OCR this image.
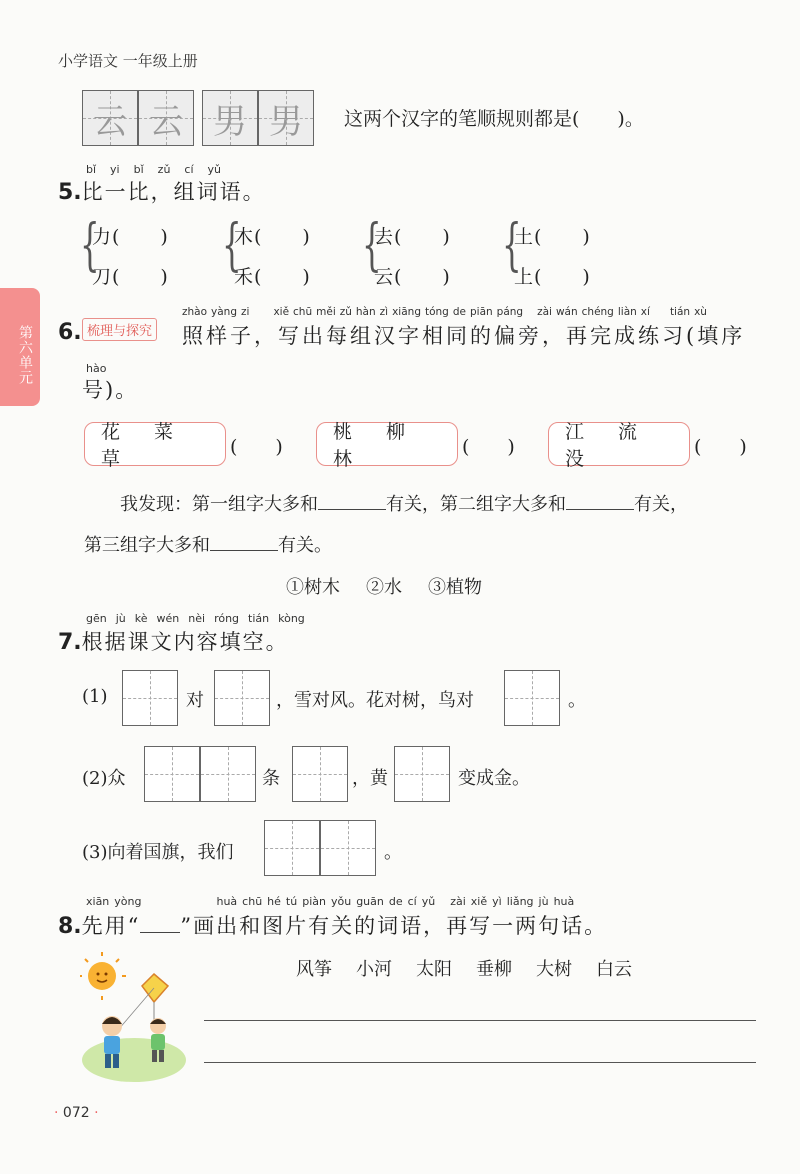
小学语文 一年级上册
第六单元
云 云 男 男	这两个汉字的笔顺规则都是(　　)。
bǐ yi bǐ zǔ cí yǔ
5. 比一比，组词语。
{
力(　　)
刀(　　) {
木(　　)
禾(　　) {
去(　　)
云(　　) {
土(　　)
上(　　)
zhào yàng zi xiě chū měi zǔ hàn zì xiāng tóng de piān páng zài wán chéng liàn xí tián xù
6. 梳理与探究 照样子，写出每组汉字相同的偏旁，再完成练习(填序
hào
号)。
花 菜 草
(　　)
桃 柳 林
(　　)
江 流 没
(　　)
我发现：第一组字大多和	有关，第二组字大多和	有关，
第三组字大多和	有关。
①树木 ②水 ③植物
gēn jù kè wén nèi róng tián kòng
7. 根据课文内容填空。
(1)	对	，雪对风。花对树，鸟对	。
(2)众	条	，黄	变成金。
(3)向着国旗，我们	。
xiān yòng	huà chū hé tú piàn yǒu guān de cí yǔ zài xiě yì liǎng jù huà
8. 先用“ ”画出和图片有关的词语，再写一两句话。
风筝 小河 太阳 垂柳 大树 白云
· 072 ·
